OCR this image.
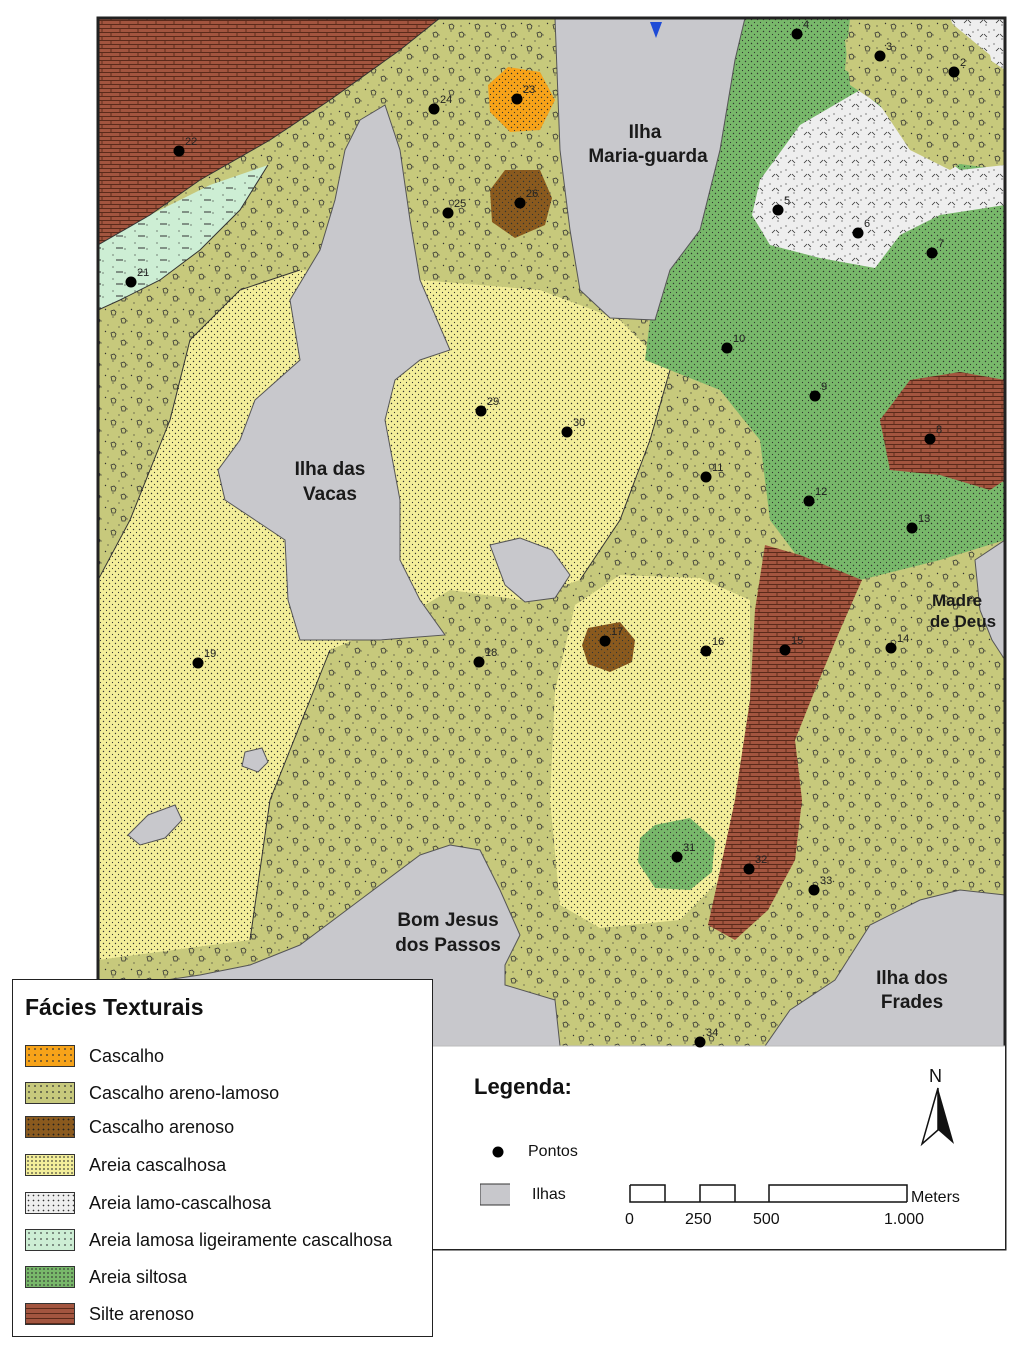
Ilha
Maria-guarda
Ilha das
Vacas
Madre
de Deus
Bom Jesus
dos Passos
Ilha dos
Frades
2
3
4
5
6
7
8
9
10
11
12
13
14
15
16
17
18
19
21
22
23
24
25
26
29
30
31
32
33
34
Fácies Texturais
Cascalho
Cascalho areno-lamoso
Cascalho arenoso
Areia cascalhosa
Areia lamo-cascalhosa
Areia lamosa ligeiramente cascalhosa
Areia siltosa
Silte arenoso
Legenda:
Pontos
Ilhas	Meters
0	250	500	1.000
N
